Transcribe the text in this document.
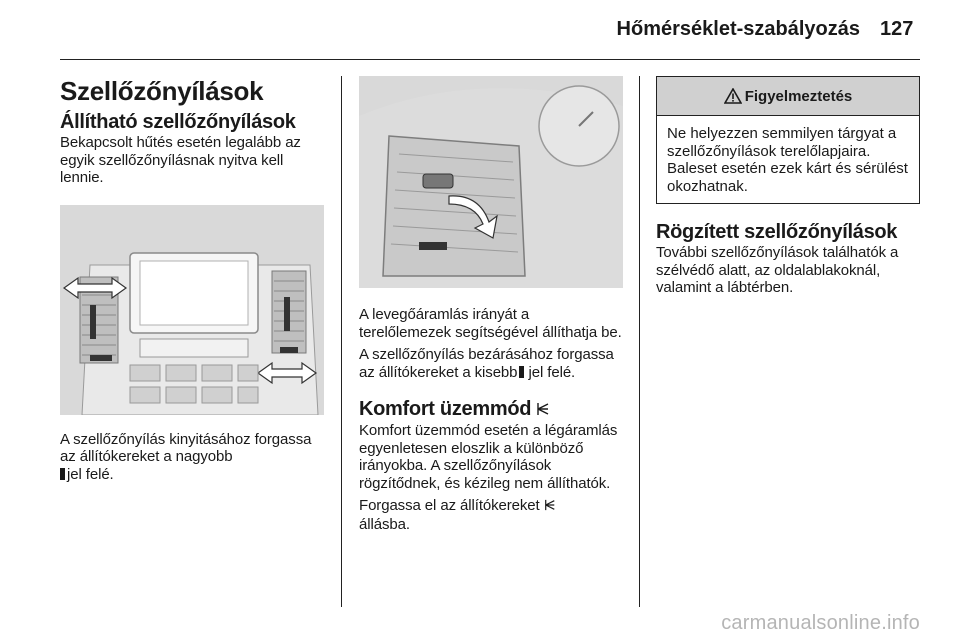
Hőmérséklet-szabályozás 127
Szellőzőnyílások
Állítható szellőzőnyílások

Bekapcsolt hűtés esetén legalább az egyik szellőzőnyílásnak nyitva kell lennie.

A szellőzőnyílás kinyitásához forgassa az állítókereket a nagyobb
jel felé.

A levegőáramlás irányát a terelőlemezek segítségével állíthatja be.

A szellőzőnyílás bezárásához forgassa az állítókereket a kisebb jel felé.

Komfort üzemmód

Komfort üzemmód esetén a légáramlás egyenletesen eloszlik a különböző irányokba. A szellőzőnyílások rögzítődnek, és kézileg nem állíthatók.

Forgassa el az állítókereket
állásba.

Figyelmeztetés
Ne helyezzen semmilyen tárgyat a szellőzőnyílások terelőlapjaira. Baleset esetén ezek kárt és sérülést okozhatnak.
Rögzített szellőzőnyílások

További szellőzőnyílások találhatók a szélvédő alatt, az oldalablakoknál, valamint a lábtérben.

carmanualsonline.info
